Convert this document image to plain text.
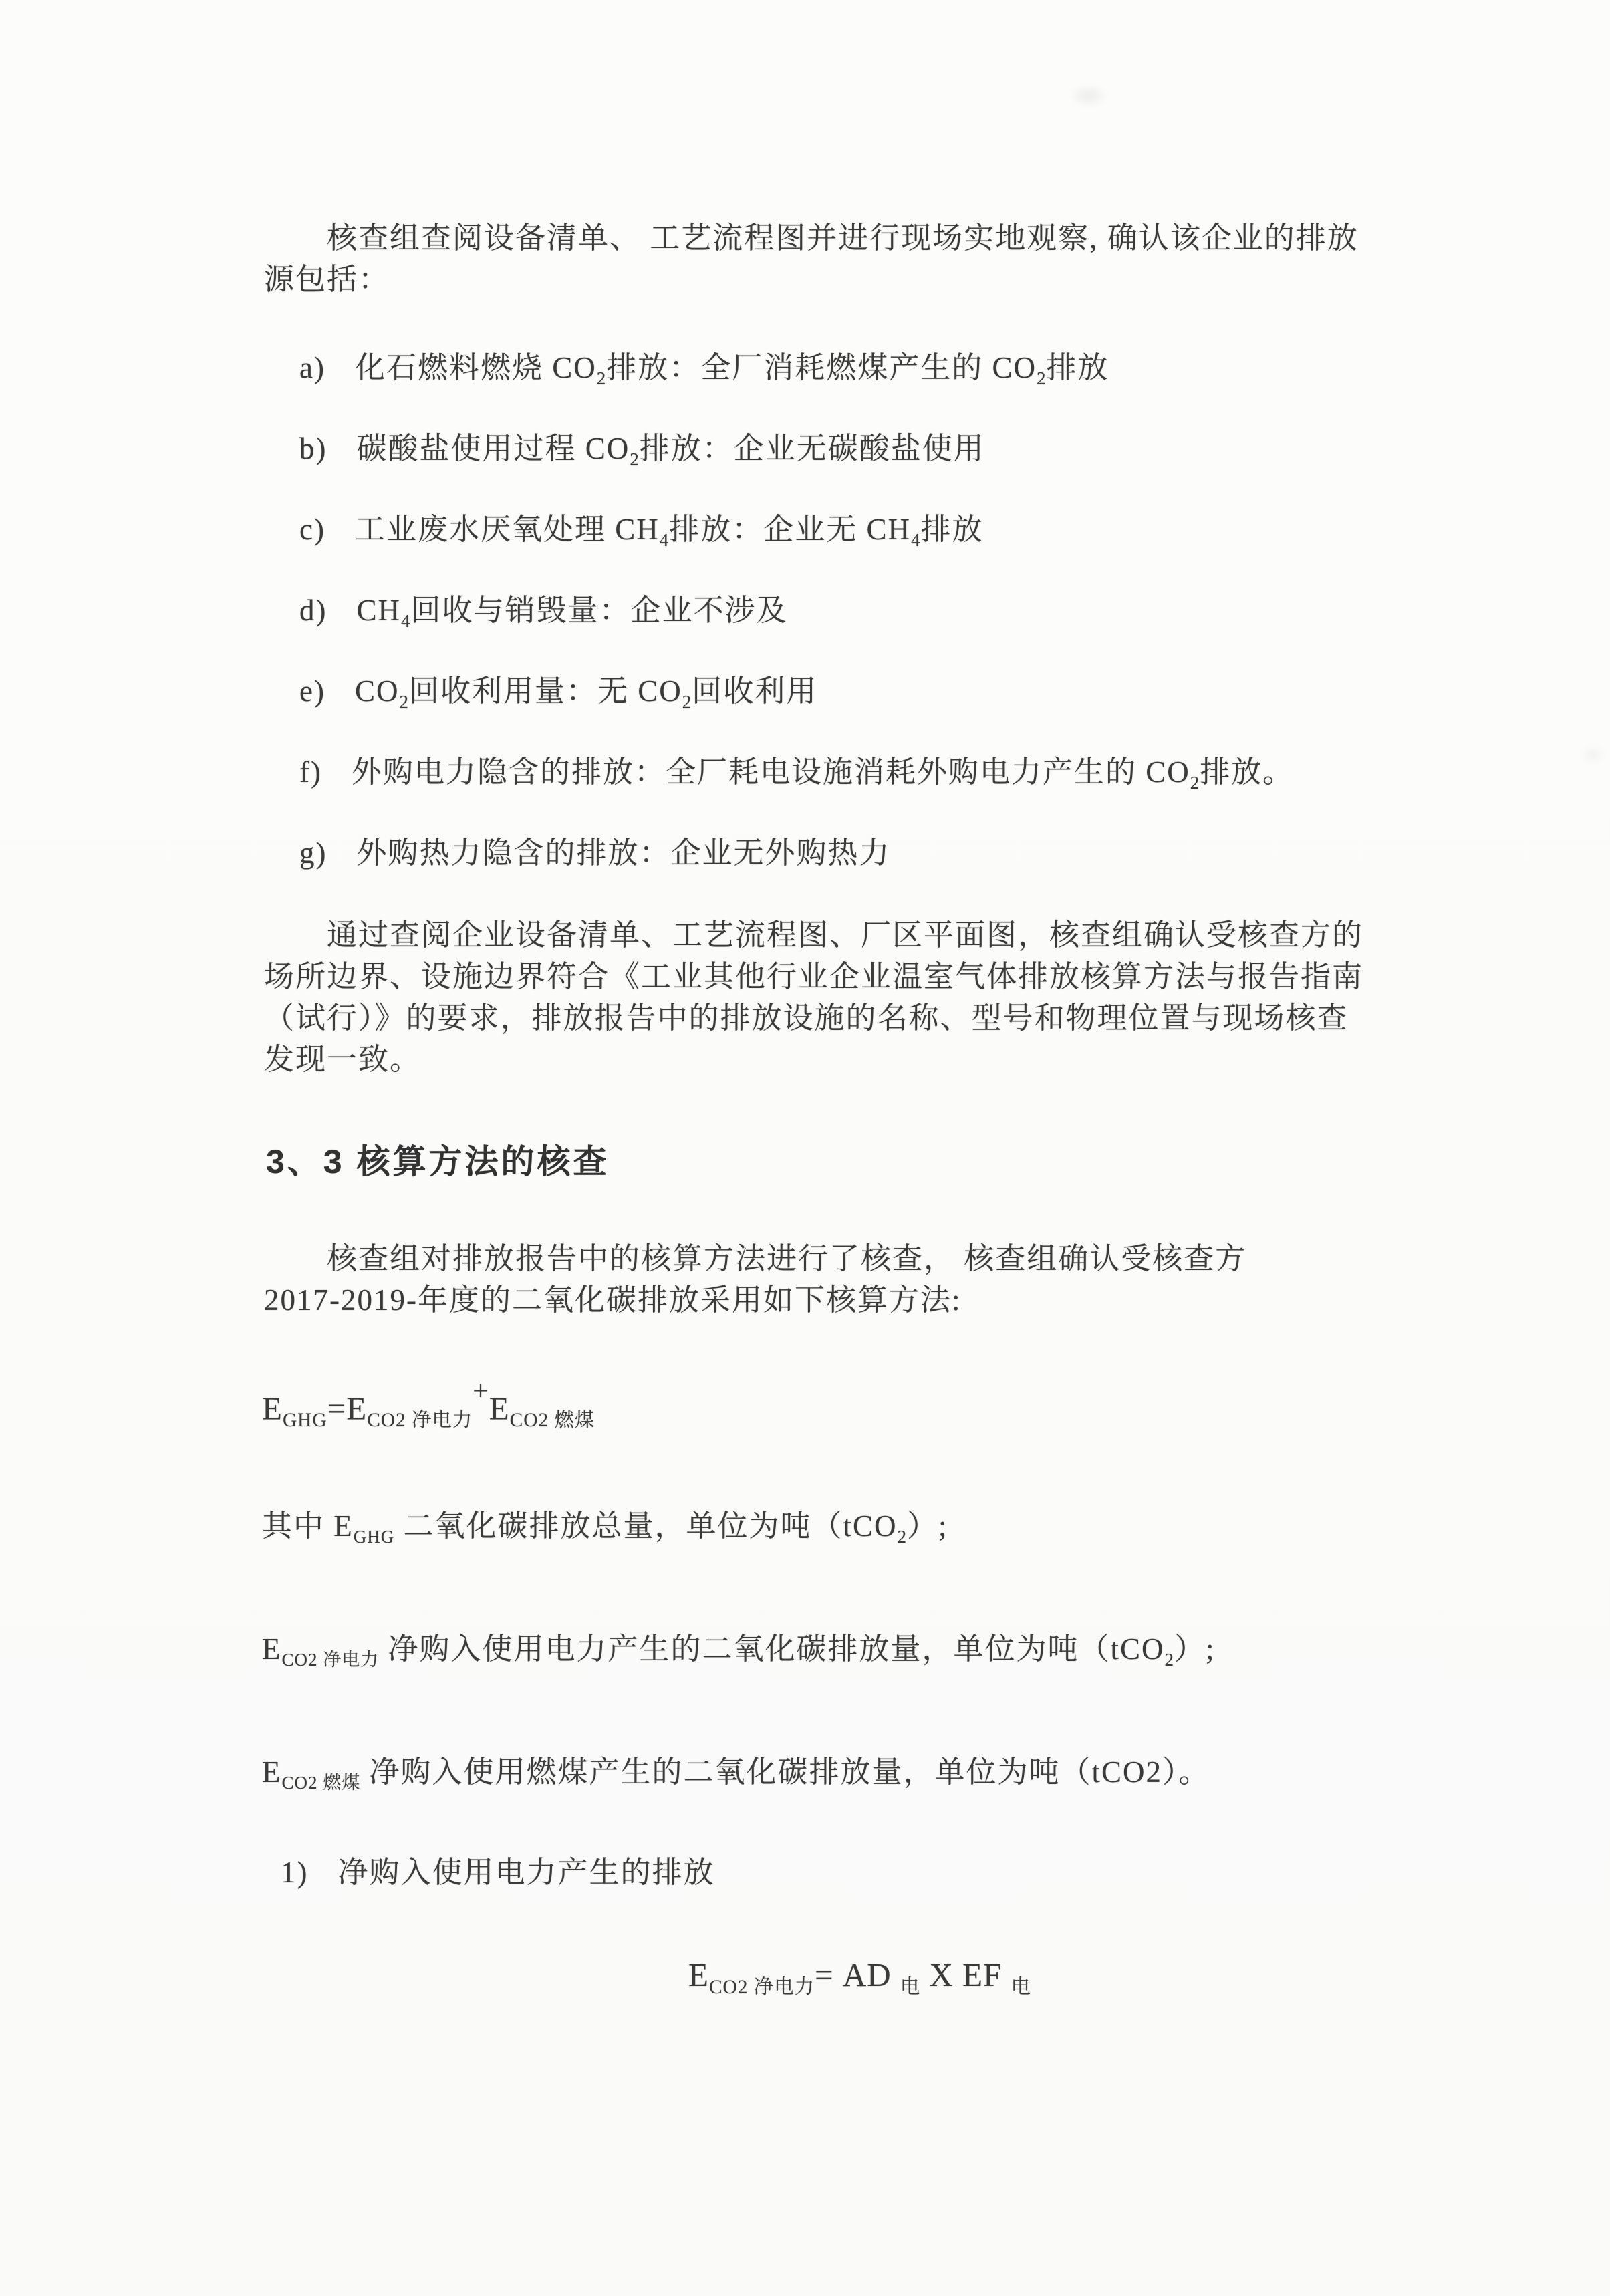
核查组查阅设备清单、 工艺流程图并进行现场实地观察, 确认该企业的排放
源包括：
a) 化石燃料燃烧 $CO_2$排放：全厂消耗燃煤产生的 $CO_2$排放
b) 碳酸盐使用过程 $CO_2$排放：企业无碳酸盐使用
c) 工业废水厌氧处理 $CH_4$排放：企业无 $CH_4$排放
d) $CH_4$回收与销毁量：企业不涉及
e) $CO_2$回收利用量：无 $CO_2$回收利用
f) 外购电力隐含的排放：全厂耗电设施消耗外购电力产生的 $CO_2$排放。
g) 外购热力隐含的排放：企业无外购热力
通过查阅企业设备清单、工艺流程图、厂区平面图，核查组确认受核查方的
场所边界、设施边界符合《工业其他行业企业温室气体排放核算方法与报告指南
（试行）》的要求，排放报告中的排放设施的名称、型号和物理位置与现场核查
发现一致。
3、3 核算方法的核查
核查组对排放报告中的核算方法进行了核查， 核查组确认受核查方
2017-2019-年度的二氧化碳排放采用如下核算方法:
$E_{GHG}=E_{CO2 净电力}^+E_{CO2 燃煤}$
其中 $E_{GHG}$ 二氧化碳排放总量，单位为吨（tCO$_2$）;
$E_{CO2 净电力}$ 净购入使用电力产生的二氧化碳排放量，单位为吨（tCO$_2$）;
$E_{CO2 燃煤}$ 净购入使用燃煤产生的二氧化碳排放量，单位为吨（tCO2）。
1) 净购入使用电力产生的排放
$E_{CO2 净电力}=$ AD $_电$ X EF $_电$
